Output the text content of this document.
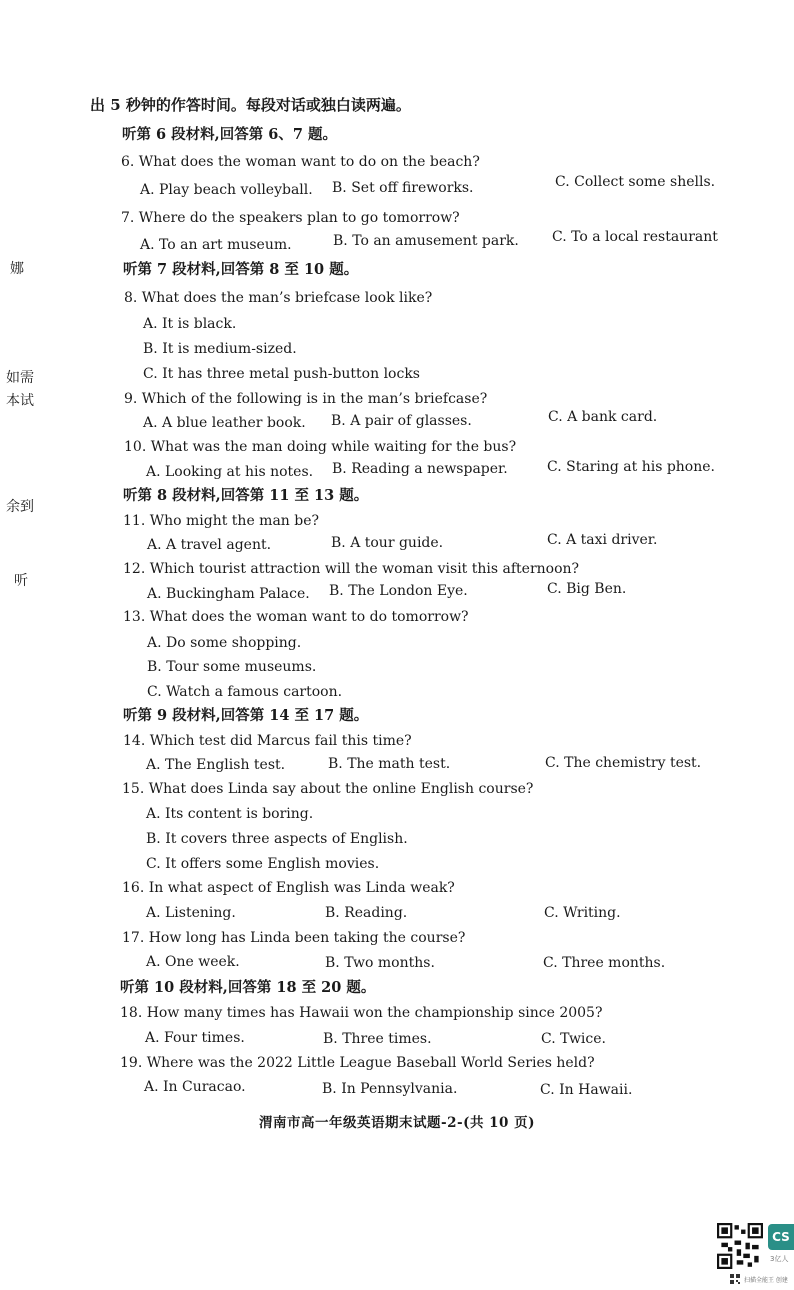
出 5 秒钟的作答时间。每段对话或独白读两遍。
娜
如需
本试
余到
听
听第 6 段材料,回答第 6、7 题。
6. What does the woman want to do on the beach?
A. Play beach volleyball. B. Set off fireworks.	C. Collect some shells.
7. Where do the speakers plan to go tomorrow?
A. To an art museum.	B. To an amusement park. C. To a local restaurant
听第 7 段材料,回答第 8 至 10 题。
8. What does the man’s briefcase look like?
A. It is black.
B. It is medium-sized.
C. It has three metal push-button locks
9. Which of the following is in the man’s briefcase?
A. A blue leather book. B. A pair of glasses.	C. A bank card.
10. What was the man doing while waiting for the bus?
A. Looking at his notes. B. Reading a newspaper.	C. Staring at his phone.
听第 8 段材料,回答第 11 至 13 题。
11. Who might the man be?
A. A travel agent.	B. A tour guide.	C. A taxi driver.
12. Which tourist attraction will the woman visit this afternoon?
A. Buckingham Palace. B. The London Eye.	C. Big Ben.
13. What does the woman want to do tomorrow?
A. Do some shopping.
B. Tour some museums.
C. Watch a famous cartoon.
听第 9 段材料,回答第 14 至 17 题。
14. Which test did Marcus fail this time?
A. The English test.	B. The math test.	C. The chemistry test.
15. What does Linda say about the online English course?
A. Its content is boring.
B. It covers three aspects of English.
C. It offers some English movies.
16. In what aspect of English was Linda weak?
A. Listening.	B. Reading.	C. Writing.
17. How long has Linda been taking the course?
A. One week.	B. Two months.	C. Three months.
听第 10 段材料,回答第 18 至 20 题。
18. How many times has Hawaii won the championship since 2005?
A. Four times.	B. Three times.	C. Twice.
19. Where was the 2022 Little League Baseball World Series held?
A. In Curacao.	B. In Pennsylvania.	C. In Hawaii.
渭南市高一年级英语期末试题-2-(共 10 页)
CS
3亿人
扫描全能王 创建
